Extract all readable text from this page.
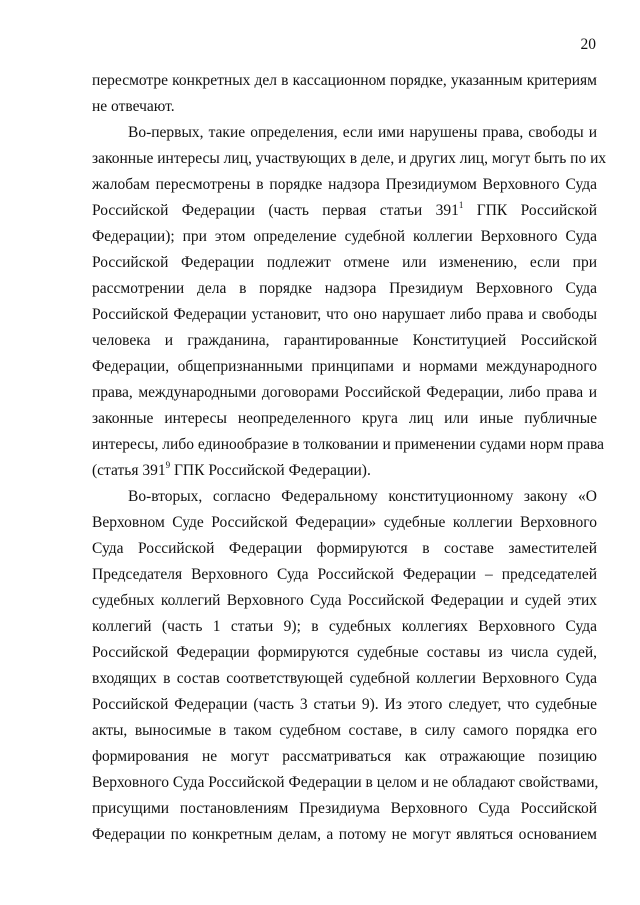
20
пересмотре конкретных дел в кассационном порядке, указанным критериям
не отвечают.
Во-первых, такие определения, если ими нарушены права, свободы и
законные интересы лиц, участвующих в деле, и других лиц, могут быть по их
жалобам пересмотрены в порядке надзора Президиумом Верховного Суда
Российской Федерации (часть первая статьи $391^1$ ГПК Российской
Федерации); при этом определение судебной коллегии Верховного Суда
Российской Федерации подлежит отмене или изменению, если при
рассмотрении дела в порядке надзора Президиум Верховного Суда
Российской Федерации установит, что оно нарушает либо права и свободы
человека и гражданина, гарантированные Конституцией Российской
Федерации, общепризнанными принципами и нормами международного
права, международными договорами Российской Федерации, либо права и
законные интересы неопределенного круга лиц или иные публичные
интересы, либо единообразие в толковании и применении судами норм права
(статья $391^9$ ГПК Российской Федерации).
Во-вторых, согласно Федеральному конституционному закону «О
Верховном Суде Российской Федерации» судебные коллегии Верховного
Суда Российской Федерации формируются в составе заместителей
Председателя Верховного Суда Российской Федерации – председателей
судебных коллегий Верховного Суда Российской Федерации и судей этих
коллегий (часть 1 статьи 9); в судебных коллегиях Верховного Суда
Российской Федерации формируются судебные составы из числа судей,
входящих в состав соответствующей судебной коллегии Верховного Суда
Российской Федерации (часть 3 статьи 9). Из этого следует, что судебные
акты, выносимые в таком судебном составе, в силу самого порядка его
формирования не могут рассматриваться как отражающие позицию
Верховного Суда Российской Федерации в целом и не обладают свойствами,
присущими постановлениям Президиума Верховного Суда Российской
Федерации по конкретным делам, а потому не могут являться основанием
